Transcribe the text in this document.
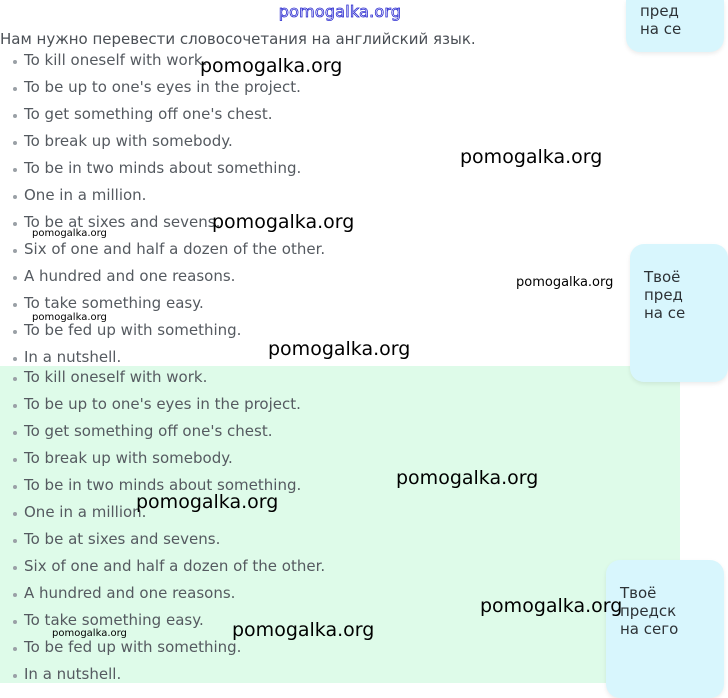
pomogalka.org
Нам нужно перевести словосочетания на английский язык.
To kill oneself with work.
To be up to one's eyes in the project.
To get something off one's chest.
To break up with somebody.
To be in two minds about something.
One in a million.
To be at sixes and sevens.
Six of one and half a dozen of the other.
A hundred and one reasons.
To take something easy.
To be fed up with something.
In a nutshell.
To kill oneself with work.
To be up to one's eyes in the project.
To get something off one's chest.
To break up with somebody.
To be in two minds about something.
One in a million.
To be at sixes and sevens.
Six of one and half a dozen of the other.
A hundred and one reasons.
To take something easy.
To be fed up with something.
In a nutshell.
пред
на се
Твоё
пред
на се
Твоё
предск
на сего
pomogalka.org
pomogalka.org
pomogalka.org
pomogalka.org
pomogalka.org
pomogalka.org
pomogalka.org
pomogalka.org
pomogalka.org
pomogalka.org
pomogalka.org
pomogalka.org
